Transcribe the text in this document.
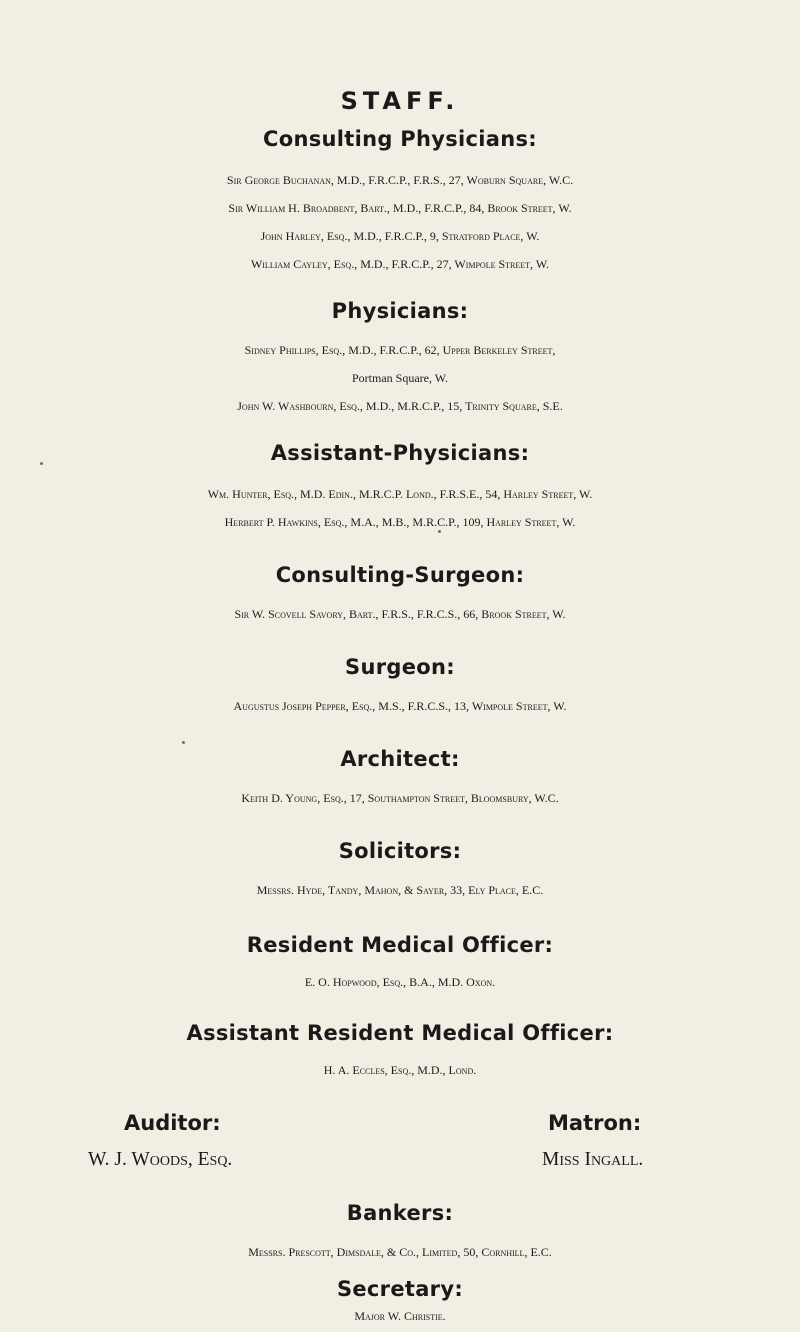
STAFF.
Consulting Physicians:
Sir George Buchanan, M.D., F.R.C.P., F.R.S., 27, Woburn Square, W.C.
Sir William H. Broadbent, Bart., M.D., F.R.C.P., 84, Brook Street, W.
John Harley, Esq., M.D., F.R.C.P., 9, Stratford Place, W.
William Cayley, Esq., M.D., F.R.C.P., 27, Wimpole Street, W.
Physicians:
Sidney Phillips, Esq., M.D., F.R.C.P., 62, Upper Berkeley Street,
Portman Square, W.
John W. Washbourn, Esq., M.D., M.R.C.P., 15, Trinity Square, S.E.
Assistant-Physicians:
Wm. Hunter, Esq., M.D. Edin., M.R.C.P. Lond., F.R.S.E., 54, Harley Street, W.
Herbert P. Hawkins, Esq., M.A., M.B., M.R.C.P., 109, Harley Street, W.
Consulting-Surgeon:
Sir W. Scovell Savory, Bart., F.R.S., F.R.C.S., 66, Brook Street, W.
Surgeon:
Augustus Joseph Pepper, Esq., M.S., F.R.C.S., 13, Wimpole Street, W.
Architect:
Keith D. Young, Esq., 17, Southampton Street, Bloomsbury, W.C.
Solicitors:
Messrs. Hyde, Tandy, Mahon, & Sayer, 33, Ely Place, E.C.
Resident Medical Officer:
E. O. Hopwood, Esq., B.A., M.D. Oxon.
Assistant Resident Medical Officer:
H. A. Eccles, Esq., M.D., Lond.
Auditor:
W. J. Woods, Esq.
Matron:
Miss Ingall.
Bankers:
Messrs. Prescott, Dimsdale, & Co., Limited, 50, Cornhill, E.C.
Secretary:
Major W. Christie.
